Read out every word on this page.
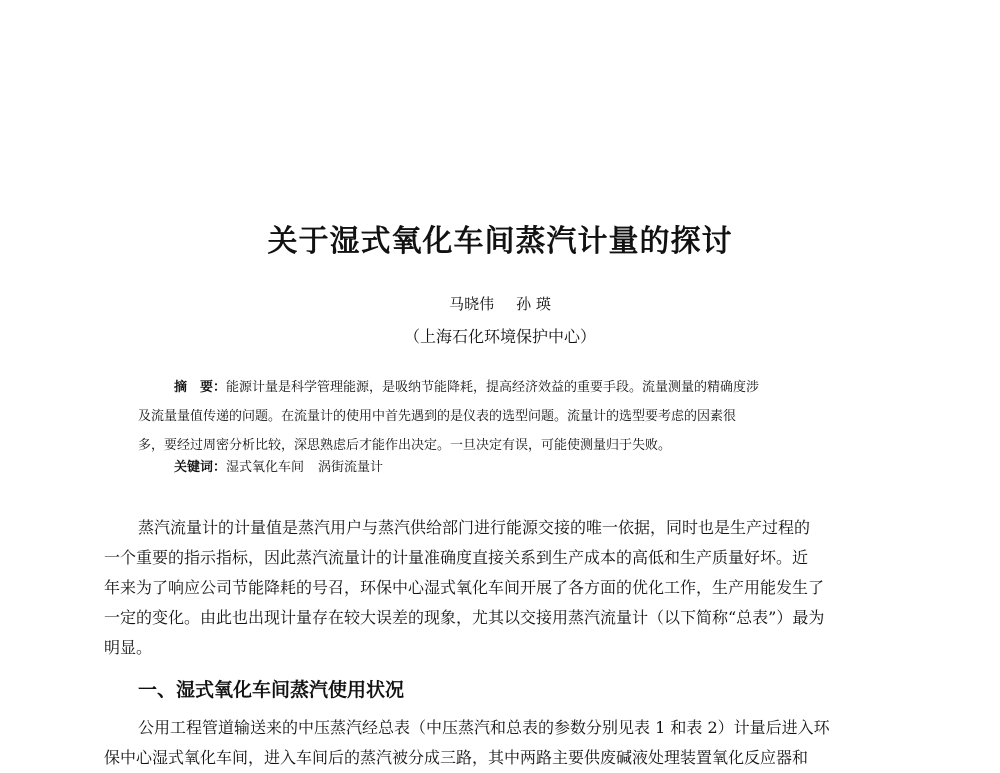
关于湿式氧化车间蒸汽计量的探讨
马晓伟 孙 瑛
（上海石化环境保护中心）
摘　要：能源计量是科学管理能源，是吸纳节能降耗，提高经济效益的重要手段。流量测量的精确度涉
及流量量值传递的问题。在流量计的使用中首先遇到的是仪表的选型问题。流量计的选型要考虑的因素很
多，要经过周密分析比较，深思熟虑后才能作出决定。一旦决定有误，可能使测量归于失败。
关键词：湿式氧化车间 涡街流量计
蒸汽流量计的计量值是蒸汽用户与蒸汽供给部门进行能源交接的唯一依据，同时也是生产过程的
一个重要的指示指标，因此蒸汽流量计的计量准确度直接关系到生产成本的高低和生产质量好坏。近
年来为了响应公司节能降耗的号召，环保中心湿式氧化车间开展了各方面的优化工作，生产用能发生了
一定的变化。由此也出现计量存在较大误差的现象，尤其以交接用蒸汽流量计（以下简称“总表”）最为
明显。
一、湿式氧化车间蒸汽使用状况
公用工程管道输送来的中压蒸汽经总表（中压蒸汽和总表的参数分别见表 1 和表 2）计量后进入环
保中心湿式氧化车间，进入车间后的蒸汽被分成三路，其中两路主要供废碱液处理装置氧化反应器和
